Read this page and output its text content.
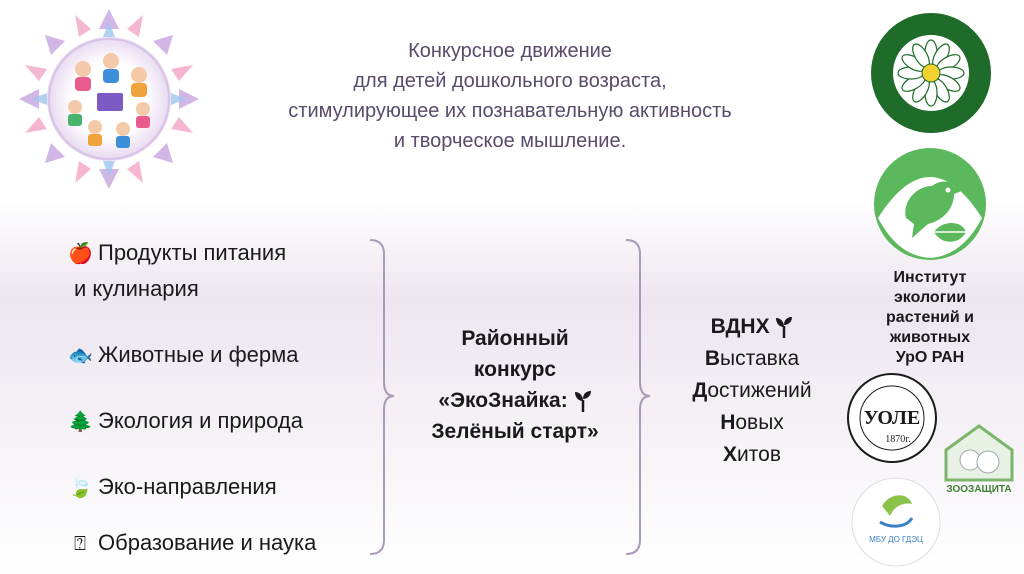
Конкурсное движение
для детей дошкольного возраста,
стимулирующее их познавательную активность
и творческое мышление.
🍎 Продукты питания
и кулинария
🐟 Животные и ферма
🌲 Экология и природа
🍃 Эко-направления
⍰ Образование и наука
Районный
конкурс
«ЭкоЗнайка:
Зелёный старт»
ВДНХ
Выставка
Достижений
Новых
Хитов
Институт
экологии
растений и
животных
УрО РАН
УОЛЕ
1870г.
ЗООЗАЩИТА
МБУ ДО ГДЭЦ
